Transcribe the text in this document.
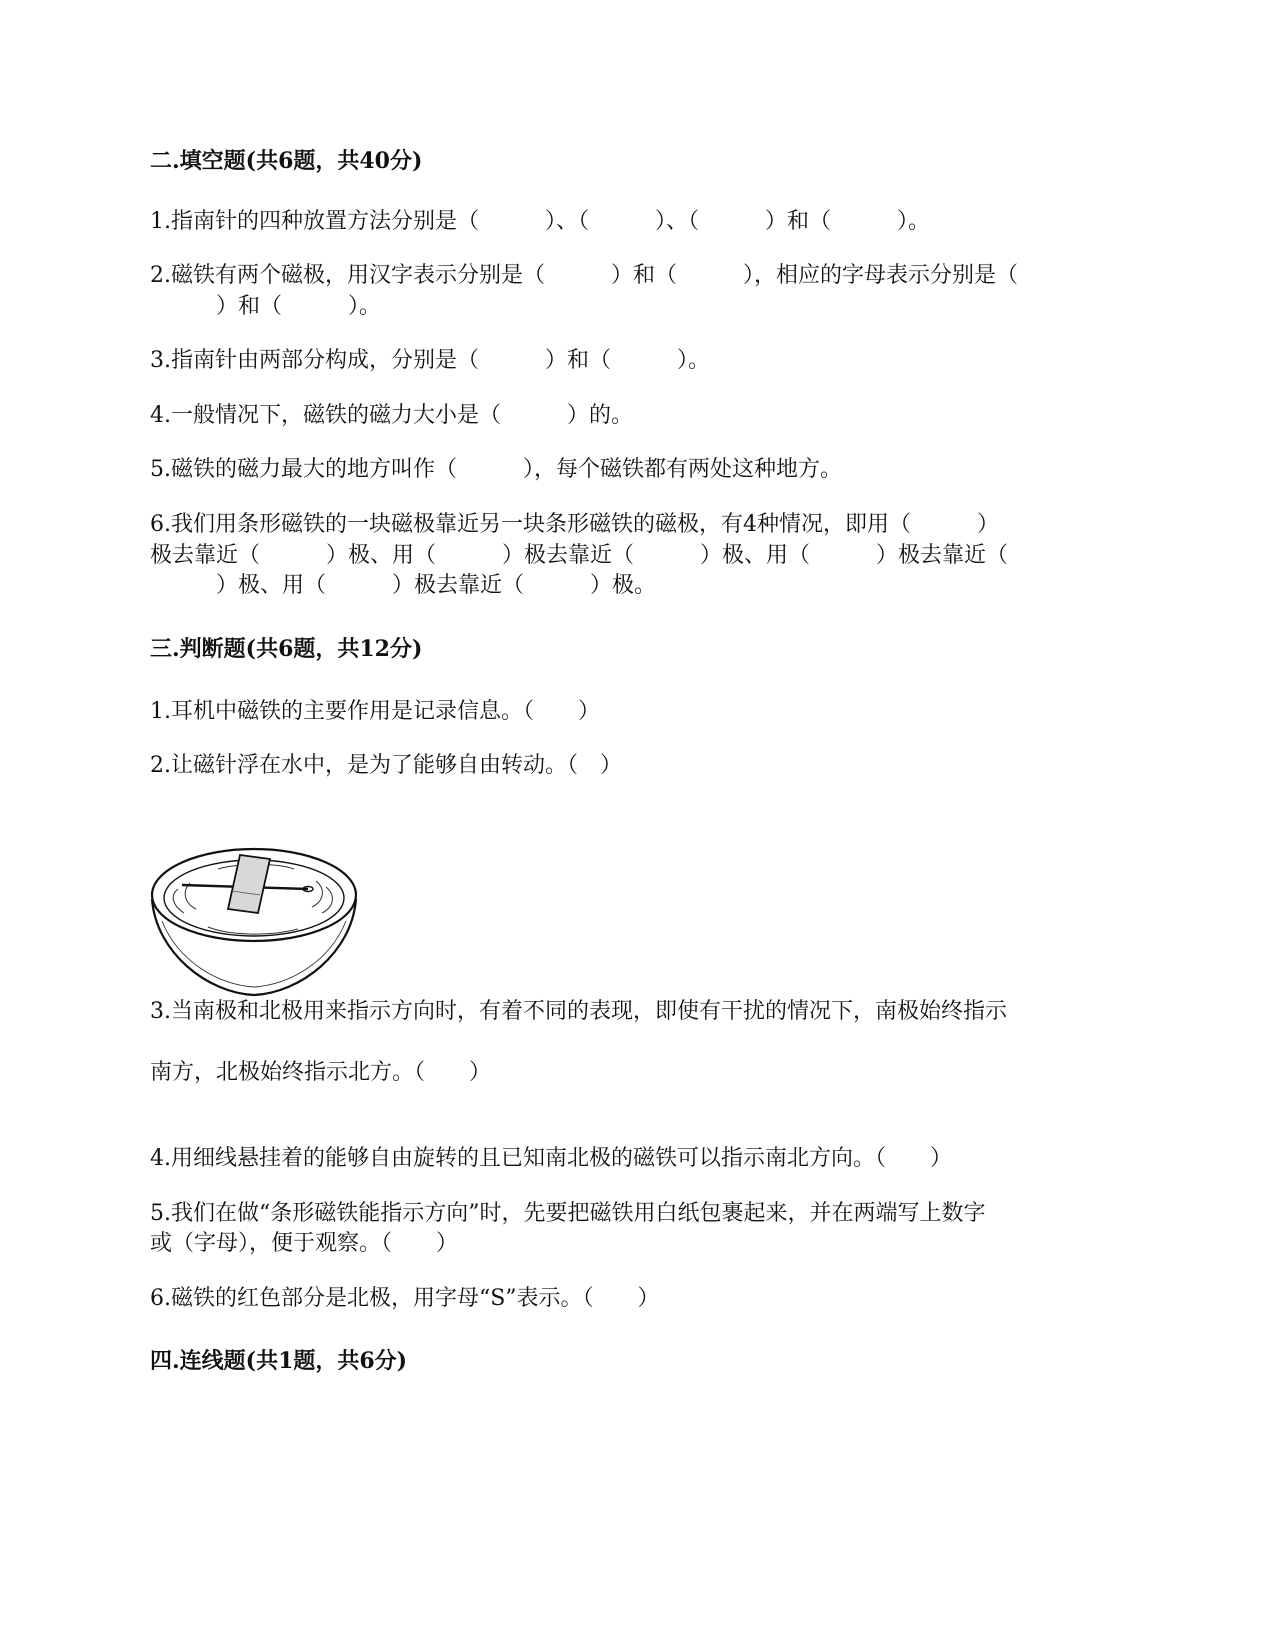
二.填空题(共6题，共40分)
1.指南针的四种放置方法分别是（　　　）、（　　　）、（　　　）和（　　　）。
2.磁铁有两个磁极，用汉字表示分别是（　　　）和（　　　），相应的字母表示分别是（
　　　）和（　　　）。
3.指南针由两部分构成，分别是（　　　）和（　　　）。
4.一般情况下，磁铁的磁力大小是（　　　）的。
5.磁铁的磁力最大的地方叫作（　　　），每个磁铁都有两处这种地方。
6.我们用条形磁铁的一块磁极靠近另一块条形磁铁的磁极，有4种情况，即用（　　　）
极去靠近（　　　）极、用（　　　）极去靠近（　　　）极、用（　　　）极去靠近（
　　　）极、用（　　　）极去靠近（　　　）极。
三.判断题(共6题，共12分)
1.耳机中磁铁的主要作用是记录信息。（　　）
2.让磁针浮在水中，是为了能够自由转动。（　）
3.当南极和北极用来指示方向时，有着不同的表现，即使有干扰的情况下，南极始终指示
南方，北极始终指示北方。（　　）
4.用细线悬挂着的能够自由旋转的且已知南北极的磁铁可以指示南北方向。（　　）
5.我们在做“条形磁铁能指示方向”时，先要把磁铁用白纸包裹起来，并在两端写上数字
或（字母），便于观察。（　　）
6.磁铁的红色部分是北极，用字母“S”表示。（　　）
四.连线题(共1题，共6分)
